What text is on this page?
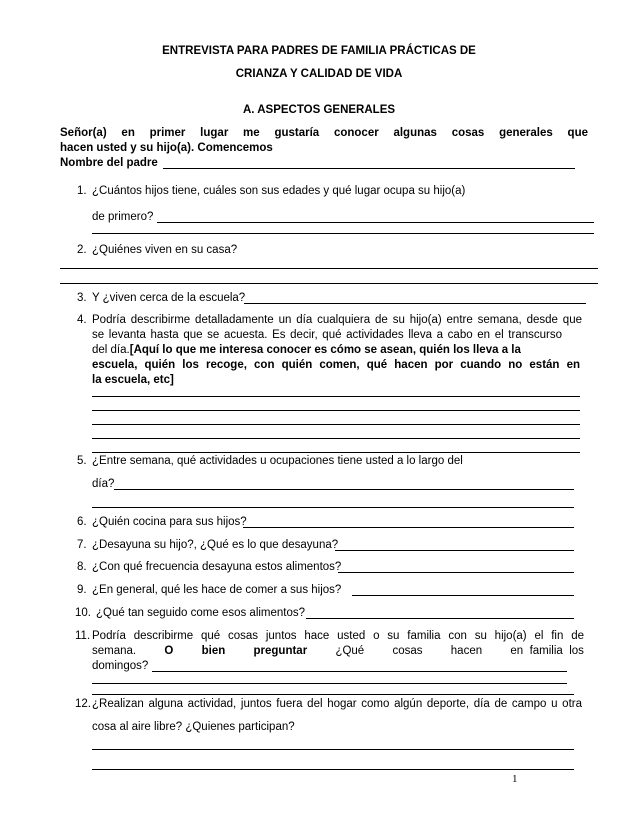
ENTREVISTA PARA PADRES DE FAMILIA PRÁCTICAS DE
CRIANZA Y CALIDAD DE VIDA
A. ASPECTOS GENERALES
Señor(a) en primer lugar me gustaría conocer algunas cosas generales que
hacen usted y su hijo(a). Comencemos
Nombre del padre
1. ¿Cuántos hijos tiene, cuáles son sus edades y qué lugar ocupa su hijo(a)
de primero?
2. ¿Quiénes viven en su casa?
3. Y ¿viven cerca de la escuela?
4. Podría describirme detalladamente un día cualquiera de su hijo(a) entre semana, desde que
se levanta hasta que se acuesta. Es decir, qué actividades lleva a cabo en el transcurso
del día.[Aquí lo que me interesa conocer es cómo se asean, quién los lleva a la
escuela, quién los recoge, con quién comen, qué hacen por cuando no están en
la escuela, etc]
5. ¿Entre semana, qué actividades u ocupaciones tiene usted a lo largo del
día?
6. ¿Quién cocina para sus hijos?
7. ¿Desayuna su hijo?, ¿Qué es lo que desayuna?
8. ¿Con qué frecuencia desayuna estos alimentos?
9. ¿En general, qué les hace de comer a sus hijos?
10. ¿Qué tan seguido come esos alimentos?
11. Podría describirme qué cosas juntos hace usted o su familia con su hijo(a) el fin de
semana. O bien preguntar ¿Qué cosas hacen en  familia  los
domingos?
12. ¿Realizan alguna actividad, juntos fuera del hogar como algún deporte, día de campo u otra
cosa al aire libre? ¿Quienes participan?
1
